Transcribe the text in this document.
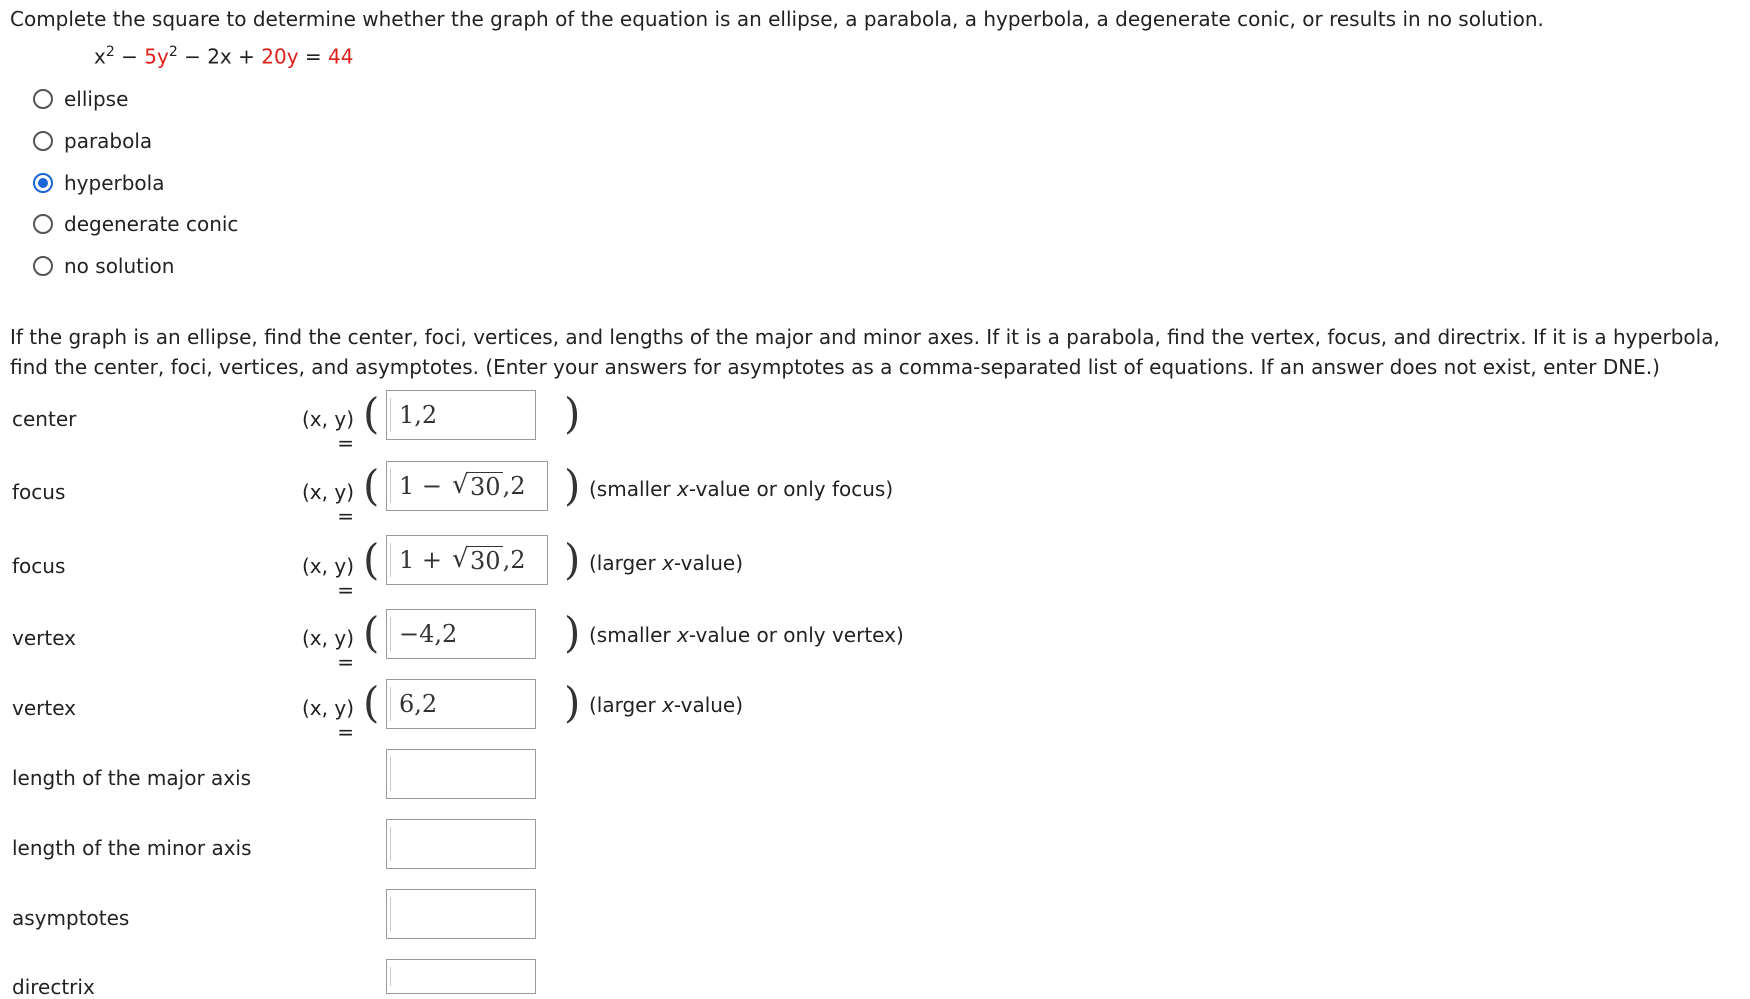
Complete the square to determine whether the graph of the equation is an ellipse, a parabola, a hyperbola, a degenerate conic, or results in no solution.
$x^2 - 5y^2 - 2x + 20y = 44$
ellipse
parabola
hyperbola
degenerate conic
no solution
If the graph is an ellipse, find the center, foci, vertices, and lengths of the major and minor axes. If it is a parabola, find the vertex, focus, and directrix. If it is a hyperbola, find the center, foci, vertices, and asymptotes. (Enter your answers for asymptotes as a comma-separated list of equations. If an answer does not exist, enter DNE.)
center	(x, y) =
( 1,2	)
focus	(x, y) =
( 1 − √ 30 ,2 ) (smaller x-value or only focus)
focus	(x, y) =
( 1 + √ 30 ,2 ) (larger x-value)
vertex	(x, y) =
( −4,2	) (smaller x-value or only vertex)
vertex	(x, y) =
( 6,2	) (larger x-value)
length of the major axis
length of the minor axis
asymptotes
directrix
